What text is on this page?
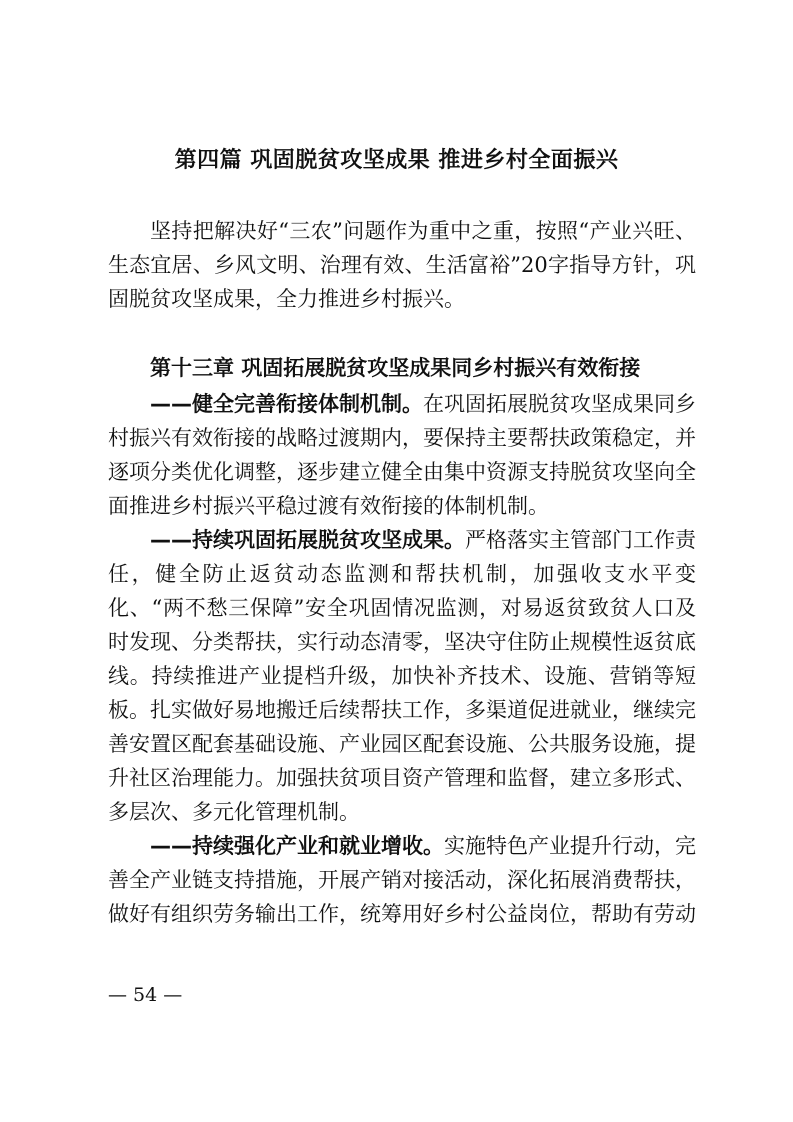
第四篇 巩固脱贫攻坚成果 推进乡村全面振兴

坚持把解决好“三农”问题作为重中之重，按照“产业兴旺、生态宜居、乡风文明、治理有效、生活富裕”20字指导方针，巩固脱贫攻坚成果，全力推进乡村振兴。

第十三章 巩固拓展脱贫攻坚成果同乡村振兴有效衔接

——健全完善衔接体制机制。在巩固拓展脱贫攻坚成果同乡村振兴有效衔接的战略过渡期内，要保持主要帮扶政策稳定，并逐项分类优化调整，逐步建立健全由集中资源支持脱贫攻坚向全面推进乡村振兴平稳过渡有效衔接的体制机制。

——持续巩固拓展脱贫攻坚成果。严格落实主管部门工作责任，健全防止返贫动态监测和帮扶机制，加强收支水平变化、“两不愁三保障”安全巩固情况监测，对易返贫致贫人口及时发现、分类帮扶，实行动态清零，坚决守住防止规模性返贫底线。持续推进产业提档升级，加快补齐技术、设施、营销等短板。扎实做好易地搬迁后续帮扶工作，多渠道促进就业，继续完善安置区配套基础设施、产业园区配套设施、公共服务设施，提升社区治理能力。加强扶贫项目资产管理和监督，建立多形式、多层次、多元化管理机制。

——持续强化产业和就业增收。实施特色产业提升行动，完善全产业链支持措施，开展产销对接活动，深化拓展消费帮扶，做好有组织劳务输出工作，统筹用好乡村公益岗位，帮助有劳动

— 54 —
